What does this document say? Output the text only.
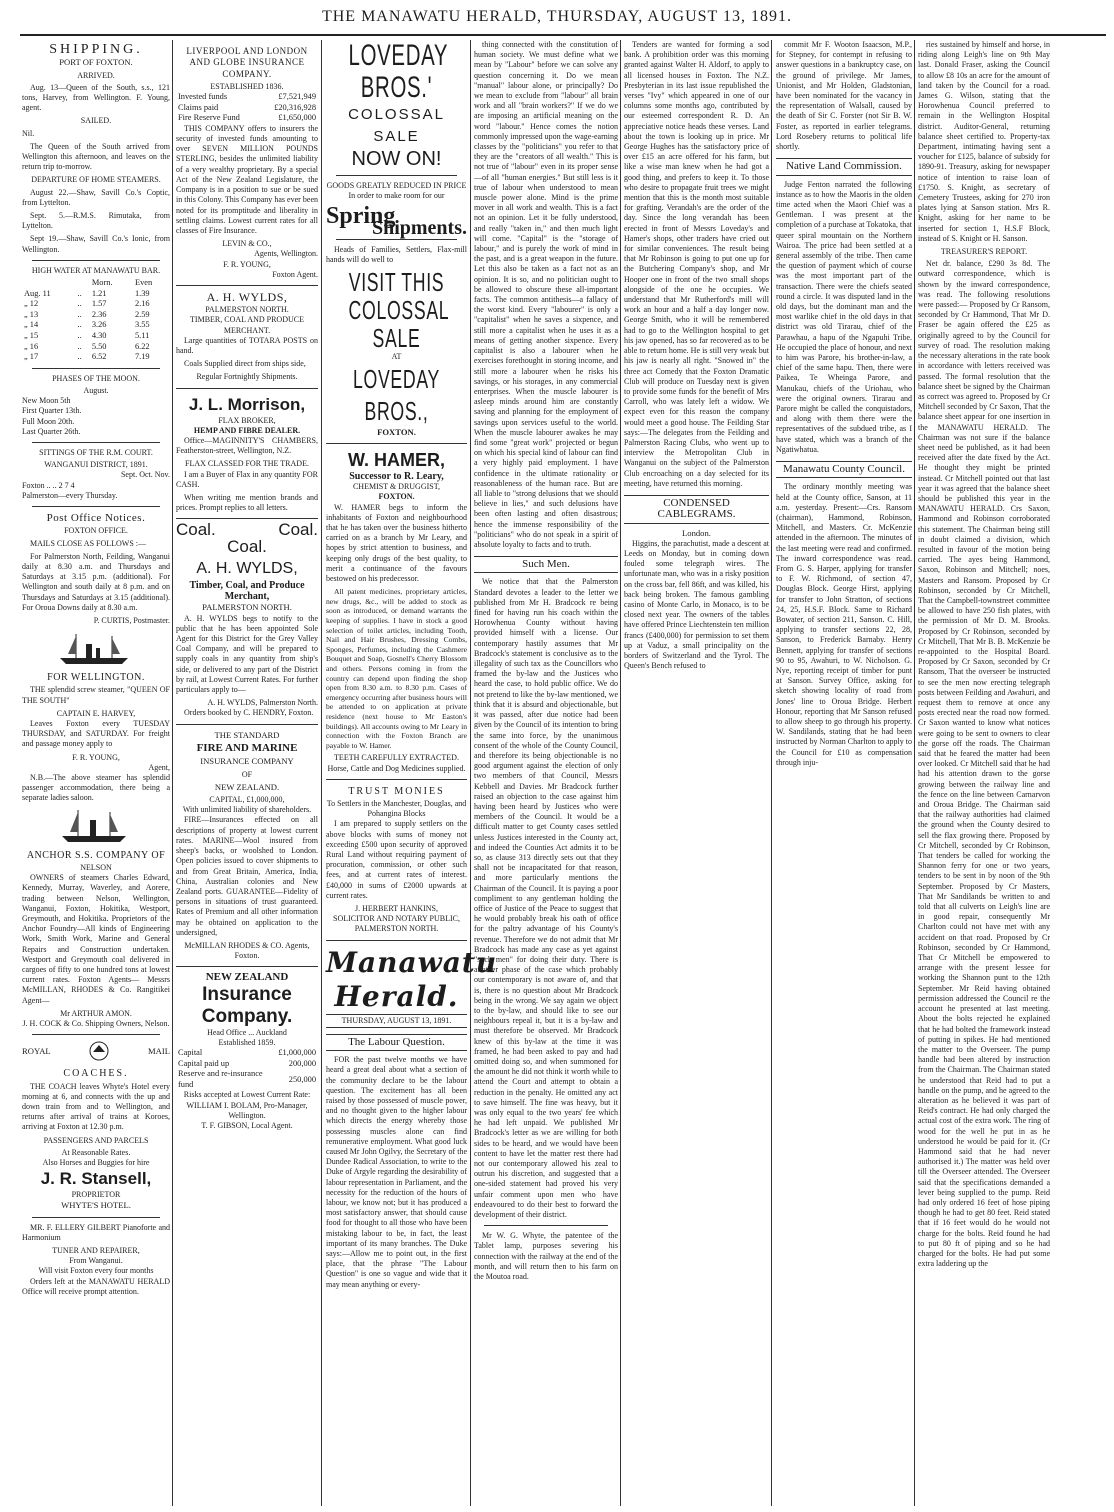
THE MANAWATU HERALD, THURSDAY, AUGUST 13, 1891.
SHIPPING.
PORT OF FOXTON.
ARRIVED.

Aug. 13—Queen of the South, s.s., 121 tons, Harvey, from Wellington. F. Young, agent.

SAILED.

Nil.

The Queen of the South arrived from Wellington this afternoon, and leaves on the return trip to-morrow.

DEPARTURE OF HOME STEAMERS.

August 22.—Shaw, Savill Co.'s Coptic, from Lyttelton.

Sept. 5.—R.M.S. Rimutaka, from Lyttelton.

Sept 19.—Shaw, Savill Co.'s Ionic, from Wellington.

HIGH WATER AT MANAWATU BAR.
		Morn.	Even
Aug. 11	..	1.21	1.39
„ 12	..	1.57	2.16
„ 13	..	2.36	2.59
„ 14	..	3.26	3.55
„ 15	..	4.30	5.11
„ 16	..	5.50	6.22
„ 17	..	6.52	7.19
PHASES OF THE MOON.
August.
New Moon 5th
First Quarter 13th.
Full Moon 20th.
Last Quarter 26th.
SITTINGS OF THE R.M. COURT.
WANGANUI DISTRICT, 1891.
Sept. Oct. Nov.
Foxton .. .. 2 7 4
Palmerston—every Thursday.
Post Office Notices.
FOXTON OFFICE.

MAILS CLOSE AS FOLLOWS :—

For Palmerston North, Feilding, Wanganui daily at 8.30 a.m. and Thursdays and Saturdays at 3.15 p.m. (additional). For Wellington and south daily at 8 p.m. and on Thursdays and Saturdays at 3.15 (additional). For Oroua Downs daily at 8.30 a.m.

P. CURTIS, Postmaster.
FOR WELLINGTON.

THE splendid screw steamer, "QUEEN OF THE SOUTH"

CAPTAIN E. HARVEY,

Leaves Foxton every TUESDAY THURSDAY, and SATURDAY. For freight and passage money apply to

F. R. YOUNG,
Agent,

N.B.—The above steamer has splendid passenger accommodation, there being a separate ladies saloon.

ANCHOR S.S. COMPANY OF
NELSON

OWNERS of steamers Charles Edward, Kennedy, Murray, Waverley, and Aorere, trading between Nelson, Wellington, Wanganui, Foxton, Hokitika, Westport, Greymouth, and Hokitika. Proprietors of the Anchor Foundry—All kinds of Engineering Work, Smith Work, Marine and General Repairs and Construction undertaken. Westport and Greymouth coal delivered in cargoes of fifty to one hundred tons at lowest current rates. Foxton Agents— Messrs McMILLAN, RHODES & Co. Rangitikei Agent—

Mr ARTHUR AMON.
J. H. COCK & Co. Shipping Owners, Nelson.
ROYAL	MAIL
COACHES.

THE COACH leaves Whyte's Hotel every morning at 6, and connects with the up and down train from and to Wellington, and returns after arrival of trains at Koroes, arriving at Foxton at 12.30 p.m.

PASSENGERS AND PARCELS
At Reasonable Rates.
Also Horses and Buggies for hire
J. R. Stansell,
PROPRIETOR
WHYTE'S HOTEL.

MR. F. ELLERY GILBERT Pianoforte and Harmonium

TUNER AND REPAIRER,
From Wanganui.
Will visit Foxton every four months

Orders left at the MANAWATU HERALD Office will receive prompt attention.

LIVERPOOL AND LONDON AND GLOBE INSURANCE COMPANY.
ESTABLISHED 1836.
Invested funds	£7,521,949
Claims paid	£20,316,928
Fire Reserve Fund	£1,650,000

THIS COMPANY offers to insurers the security of invested funds amounting to over SEVEN MILLION POUNDS STERLING, besides the unlimited liability of a very wealthy proprietary. By a special Act of the New Zealand Legislature, the Company is in a position to sue or be sued in this Colony. This Company has ever been noted for its promptitude and liberality in settling claims. Lowest current rates for all classes of Fire Insurance.

LEVIN & CO.,
Agents, Wellington.
F. R. YOUNG,
Foxton Agent.
A. H. WYLDS,
PALMERSTON NORTH.
TIMBER, COAL AND PRODUCE MERCHANT.

Large quantities of TOTARA POSTS on hand.

Coals Supplied direct from ships side,

Regular Fortnightly Shipments.
J. L. Morrison,
FLAX BROKER,
HEMP AND FIBRE DEALER.

Office—MAGINNITY'S CHAMBERS, Featherston-street, Wellington, N.Z.

FLAX CLASSED FOR THE TRADE.

I am a Buyer of Flax in any quantity FOR CASH.

When writing me mention brands and prices. Prompt replies to all letters.

Coal.	Coal.
Coal.
A. H. WYLDS,
Timber, Coal, and Produce Merchant,
PALMERSTON NORTH.

A. H. WYLDS begs to notify to the public that he has been appointed Sole Agent for this District for the Grey Valley Coal Company, and will be prepared to supply coals in any quantity from ship's side, or delivered to any part of the District by rail, at Lowest Current Rates. For further particulars apply to—

A. H. WYLDS, Palmerston North.

Orders booked by C. HENDRY, Foxton.

THE STANDARD
FIRE AND MARINE
INSURANCE COMPANY
OF
NEW ZEALAND.
CAPITAL, £1,000,000,
With unlimited liability of shareholders.

FIRE—Insurances effected on all descriptions of property at lowest current rates. MARINE—Wool insured from sheep's backs, or woolshed to London. Open policies issued to cover shipments to and from Great Britain, America, India, China, Australian colonies and New Zealand ports. GUARANTEE—Fidelity of persons in situations of trust guaranteed. Rates of Premium and all other information may be obtained on application to the undersigned,

McMILLAN RHODES & CO. Agents, Foxton.
NEW ZEALAND
Insurance Company.
Head Office ... Auckland
Established 1859.
Capital	£1,000,000
Capital paid up	200,000
Reserve and re-insurance fund	250,000
Risks accepted at Lowest Current Rate:
WILLIAM I. BOLAM, Pro-Manager, Wellington.
T. F. GIBSON, Local Agent.
LOVEDAY BROS.'
COLOSSAL SALE
NOW ON!
GOODS GREATLY REDUCED IN PRICE
In order to make room for our
Spring
Shipments.

Heads of Families, Settlers, Flax-mill hands will do well to

VISIT THIS COLOSSAL SALE
AT
LOVEDAY BROS.,
FOXTON.
W. HAMER,
Successor to R. Leary,
CHEMIST & DRUGGIST,
FOXTON.

W. HAMER begs to inform the inhabitants of Foxton and neighbourhood that he has taken over the business hitherto carried on as a branch by Mr Leary, and hopes by strict attention to business, and keeping only drugs of the best quality, to merit a continuance of the favours bestowed on his predecessor.

All patent medicines, proprietary articles, new drugs, &c., will be added to stock as soon as introduced, or demand warrants the keeping of supplies. I have in stock a good selection of toilet articles, including Tooth, Nail and Hair Brushes, Dressing Combs, Sponges, Perfumes, including the Cashmere Bouquet and Soap, Gosnell's Cherry Blossom and others. Persons coming in from the country can depend upon finding the shop open from 8.30 a.m. to 8.30 p.m. Cases of emergency occurring after business hours will be attended to on application at private residence (next house to Mr Easton's buildings). All accounts owing to Mr Leary in connection with the Foxton Branch are payable to W. Hamer.

TEETH CAREFULLY EXTRACTED.
Horse, Cattle and Dog Medicines supplied.
TRUST MONIES
To Settlers in the Manchester, Douglas, and Pohangina Blocks

I am prepared to supply settlers on the above blocks with sums of money not exceeding £500 upon security of approved Rural Land without requiring payment of procuration, commission, or other such fees, and at current rates of interest. £40,000 in sums of £2000 upwards at current rates.

J. HERBERT HANKINS,
SOLICITOR AND NOTARY PUBLIC,
PALMERSTON NORTH.
Manawatu Herald.
THURSDAY, AUGUST 13, 1891.
The Labour Question.

FOR the past twelve months we have heard a great deal about what a section of the community declare to be the labour question. The excitement has all been raised by those possessed of muscle power, and no thought given to the higher labour which directs the energy whereby those possessing muscles alone can find remunerative employment. What good luck caused Mr John Ogilvy, the Secretary of the Dundee Radical Association, to write to the Duke of Argyle regarding the desirability of labour representation in Parliament, and the necessity for the reduction of the hours of labour, we know not; but it has produced a most satisfactory answer, that should cause food for thought to all those who have been mistaking labour to be, in fact, the least important of its many branches. The Duke says:—Allow me to point out, in the first place, that the phrase "The Labour Question" is one so vague and wide that it may mean anything or every-

thing connected with the constitution of human society. We must define what we mean by "Labour" before we can solve any question concerning it. Do we mean "manual" labour alone, or principally? Do we mean to exclude from "labour" all brain work and all "brain workers?" If we do we are imposing an artificial meaning on the word "labour." Hence comes the notion commonly impressed upon the wage-earning classes by the "politicians" you refer to that they are the "creators of all wealth." This is not true of "labour" even in its proper sense—of all "human energies." But still less is it true of labour when understood to mean muscle power alone. Mind is the prime mover in all work and wealth. This is a fact not an opinion. Let it be fully understood, and really "taken in," and then much light will come. "Capital" is the "storage of labour," and is purely the work of mind in the past, and is a great weapon in the future. Let this also be taken as a fact not as an opinion. It is so, and no politician ought to be allowed to obscure these all-important facts. The common antithesis—a fallacy of the worst kind. Every "labourer" is only a "capitalist" when he saves a sixpence, and still more a capitalist when he uses it as a means of getting another sixpence. Every capitalist is also a labourer when he exercises forethought in storing income, and still more a labourer when he risks his savings, or his storages, in any commercial enterprises. When the muscle labourer is asleep minds around him are constantly saving and planning for the employment of savings upon services useful to the world. When the muscle labourer awakes he may find some "great work" projected or begun on which his special kind of labour can find a very highly paid employment. I have confidence in the ultimate rationality or reasonableness of the human race. But are all liable to "strong delusions that we should believe in lies," and such delusions have been often lasting and often disastrous; hence the immense responsibility of the "politicians" who do not speak in a spirit of absolute loyalty to facts and to truth.

Such Men.

We notice that that the Palmerston Standard devotes a leader to the letter we published from Mr H. Bradcock re being fined for having run his coach within the Horowhenua County without having provided himself with a license. Our contemporary hastily assumes that Mr Bradcock's statement is conclusive as to the illegality of such tax as the Councillors who framed the by-law and the Justices who heard the case, to hold public office. We do not pretend to like the by-law mentioned, we think that it is absurd and objectionable, but it was passed, after due notice had been given by the Council of its intention to bring the same into force, by the unanimous consent of the whole of the County Council, and therefore its being objectionable is no good argument against the election of only two members of that Council, Messrs Kebbell and Davies. Mr Bradcock further raised an objection to the case against him having been heard by Justices who were members of the Council. It would be a difficult matter to get County cases settled unless Justices interested in the County act, and indeed the Counties Act admits it to be so, as clause 313 directly sets out that they shall not be incapacitated for that reason, and more particularly mentions the Chairman of the Council. It is paying a poor compliment to any gentleman holding the office of Justice of the Peace to suggest that he would probably break his oath of office for the paltry advantage of his County's revenue. Therefore we do not admit that Mr Bradcock has made any case as yet against "such men" for doing their duty. There is another phase of the case which probably our contemporary is not aware of, and that is, there is no question about Mr Bradcock being in the wrong. We say again we object to the by-law, and should like to see our neighbours repeal it, but it is a by-law and must therefore be observed. Mr Bradcock knew of this by-law at the time it was framed, he had been asked to pay and had omitted doing so, and when summoned for the amount he did not think it worth while to attend the Court and attempt to obtain a reduction in the penalty. He omitted any act to save himself. The fine was heavy, but it was only equal to the two years' fee which he had left unpaid. We published Mr Bradcock's letter as we are willing for both sides to be heard, and we would have been content to have let the matter rest there had not our contemporary allowed his zeal to outrun his discretion, and suggested that a one-sided statement had proved his very unfair comment upon men who have endeavoured to do their best to forward the development of their district.

Mr W. G. Whyte, the patentee of the Tablet lamp, purposes severing his connection with the railway at the end of the month, and will return then to his farm on the Moutoa road.

Tenders are wanted for forming a sod bank. A prohibition order was this morning granted against Walter H. Aldorf, to apply to all licensed houses in Foxton. The N.Z. Presbyterian in its last issue republished the verses "Ivy" which appeared in one of our columns some months ago, contributed by our esteemed correspondent R. D. An appreciative notice heads these verses. Land about the town is looking up in price. Mr George Hughes has the satisfactory price of over £15 an acre offered for his farm, but like a wise man knew when he had got a good thing, and prefers to keep it. To those who desire to propagate fruit trees we might mention that this is the month most suitable for grafting. Verandah's are the order of the day. Since the long verandah has been erected in front of Messrs Loveday's and Hamer's shops, other traders have cried out for similar conveniences. The result being that Mr Robinson is going to put one up for the Butchering Company's shop, and Mr Hooper one in front of the two small shops alongside of the one he occupies. We understand that Mr Rutherford's mill will work an hour and a half a day longer now. George Smith, who it will be remembered had to go to the Wellington hospital to get his jaw opened, has so far recovered as to be able to return home. He is still very weak but his jaw is nearly all right. "Snowed in" the three act Comedy that the Foxton Dramatic Club will produce on Tuesday next is given to provide some funds for the benefit of Mrs Carroll, who was lately left a widow. We expect even for this reason the company would meet a good house. The Feilding Star says:—The delegates from the Feilding and Palmerston Racing Clubs, who went up to interview the Metropolitan Club in Wanganui on the subject of the Palmerston Club encroaching on a day selected for its meeting, have returned this morning.

CONDENSED CABLEGRAMS.
London.

Higgins, the parachutist, made a descent at Leeds on Monday, but in coming down fouled some telegraph wires. The unfortunate man, who was in a risky position on the cross bar, fell 86ft, and was killed, his back being broken. The famous gambling casino of Monte Carlo, in Monaco, is to be closed next year. The owners of the tables have offered Prince Liechtenstein ten million francs (£400,000) for permission to set them up at Vaduz, a small principality on the borders of Switzerland and the Tyrol. The Queen's Bench refused to

commit Mr F. Wooton Isaacson, M.P., for Stepney, for contempt in refusing to answer questions in a bankruptcy case, on the ground of privilege. Mr James, Unionist, and Mr Holden, Gladstonian, have been nominated for the vacancy in the representation of Walsall, caused by the death of Sir C. Forster (not Sir B. W. Foster, as reported in earlier telegrams. Lord Rosebery returns to political life shortly.

Native Land Commission.

Judge Fenton narrated the following instance as to how the Maoris in the olden time acted when the Maori Chief was a Gentleman. I was present at the completion of a purchase at Tokatoka, that queer spiral mountain on the Northern Wairoa. The price had been settled at a general assembly of the tribe. Then came the question of payment which of course was the most important part of the transaction. There were the chiefs seated round a circle. It was disputed land in the old days, but the dominant man and the most warlike chief in the old days in that district was old Tirarau, chief of the Parawhau, a hapu of the Ngapuhi Tribe. He occupied the place of honour, and next to him was Parore, his brother-in-law, a chief of the same hapu. Then, there were Paikea, Te Wheinga Parore, and Manukau, chiefs of the Uriohau, who were the original owners. Tirarau and Parore might be called the conquistadors, and along with them there were the representatives of the subdued tribe, as I have stated, which was a branch of the Ngatiwhatua.

Manawatu County Council.

The ordinary monthly meeting was held at the County office, Sanson, at 11 a.m. yesterday. Present:—Crs. Ransom (chairman), Hammond, Robinson, Mitchell, and Masters. Cr. McKenzie attended in the afternoon. The minutes of the last meeting were read and confirmed. The inward correspondence was read. From G. S. Harper, applying for transfer to F. W. Richmond, of section 47, Douglas Block. George Hirst, applying for transfer to John Stratton, of sections 24, 25, H.S.F. Block. Same to Richard Bowater, of section 211, Sanson. C. Hill, applying to transfer sections 22, 28, Sanson, to Frederick Barnaby. Henry Bennett, applying for transfer of sections 90 to 95, Awahuri, to W. Nicholson. G. Nye, reporting receipt of timber for punt at Sanson. Survey Office, asking for sketch showing locality of road from Jones' line to Oroua Bridge. Herbert Honour, reporting that Mr Sanson refused to allow sheep to go through his property. W. Sandilands, stating that he had been instructed by Norman Charlton to apply to the Council for £10 as compensation through inju-

ries sustained by himself and horse, in riding along Leigh's line on 9th May last. Donald Fraser, asking the Council to allow £8 10s an acre for the amount of land taken by the Council for a road. James G. Wilson, stating that the Horowhenua Council preferred to remain in the Wellington Hospital district. Auditor-General, returning balance sheet certified to. Property-tax Department, intimating having sent a voucher for £125, balance of subsidy for 1890-91. Treasury, asking for newspaper notice of intention to raise loan of £1750. S. Knight, as secretary of Cemetery Trustees, asking for 270 iron plates lying at Sanson station. Mrs R. Knight, asking for her name to be inserted for section 1, H.S.F Block, instead of S. Knight or H. Sanson.

TREASURER'S REPORT.

Net dr. balance, £290 3s 8d. The outward correspondence, which is shown by the inward correspondence, was read. The following resolutions were passed:— Proposed by Cr Ransom, seconded by Cr Hammond, That Mr D. Fraser be again offered the £25 as originally agreed to by the Council for survey of road. The resolution making the necessary alterations in the rate book in accordance with letters received was passed. The formal resolution that the balance sheet be signed by the Chairman as correct was agreed to. Proposed by Cr Mitchell seconded by Cr Saxon, That the balance sheet appear for one insertion in the MANAWATU HERALD. The Chairman was not sure if the balance sheet need be published, as it had been received after the date fixed by the Act. He thought they might be printed instead. Cr Mitchell pointed out that last year it was agreed that the balance sheet should be published this year in the MANAWATU HERALD. Crs Saxon, Hammond and Robinson corroborated this statement. The Chairman being still in doubt claimed a division, which resulted in favour of the motion being carried. The ayes being Hammond, Saxon, Robinson and Mitchell; noes, Masters and Ransom. Proposed by Cr Robinson, seconded by Cr Mitchell, That the Campbell-townstreet committee be allowed to have 250 fish plates, with the permission of Mr D. M. Brooks. Proposed by Cr Robinson, seconded by Cr Mitchell, That Mr B. B. McKenzie be re-appointed to the Hospital Board. Proposed by Cr Saxon, seconded by Cr Ransom, That the overseer be instructed to see the men now erecting telegraph posts between Feilding and Awahuri, and request them to remove at once any posts erected near the road now formed. Cr Saxon wanted to know what notices were going to be sent to owners to clear the gorse off the roads. The Chairman said that he feared the matter had been over looked. Cr Mitchell said that he had had his attention drawn to the gorse growing between the railway line and the fence on the line between Carnarvon and Oroua Bridge. The Chairman said that the railway authorities had claimed the ground when the County desired to sell the flax growing there. Proposed by Cr Mitchell, seconded by Cr Robinson, That tenders be called for working the Shannon ferry for one or two years, tenders to be sent in by noon of the 9th September. Proposed by Cr Masters, That Mr Sandilands be written to and told that all culverts on Leigh's line are in good repair, consequently Mr Charlton could not have met with any accident on that road. Proposed by Cr Robinson, seconded by Cr Hammond, That Cr Mitchell be empowered to arrange with the present lessee for working the Shannon punt to the 12th September. Mr Reid having obtained permission addressed the Council re the account he presented at last meeting. About the bolts rejected he explained that he had bolted the framework instead of putting in spikes. He had mentioned the matter to the Overseer. The pump handle had been altered by instruction from the Chairman. The Chairman stated he understood that Reid had to put a handle on the pump, and he agreed to the alteration as he believed it was part of Reid's contract. He had only charged the actual cost of the extra work. The ring of wood for the well he put in as he understood he would be paid for it. (Cr Hammond said that he had never authorised it.) The matter was held over till the Overseer attended. The Overseer said that the specifications demanded a lever being supplied to the pump. Reid had only ordered 16 feet of hose piping though he had to get 80 feet. Reid stated that if 16 feet would do he would not charge for the bolts. Reid found he had to put 80 ft of piping and so he had charged for the bolts. He had put some extra laddering up the
